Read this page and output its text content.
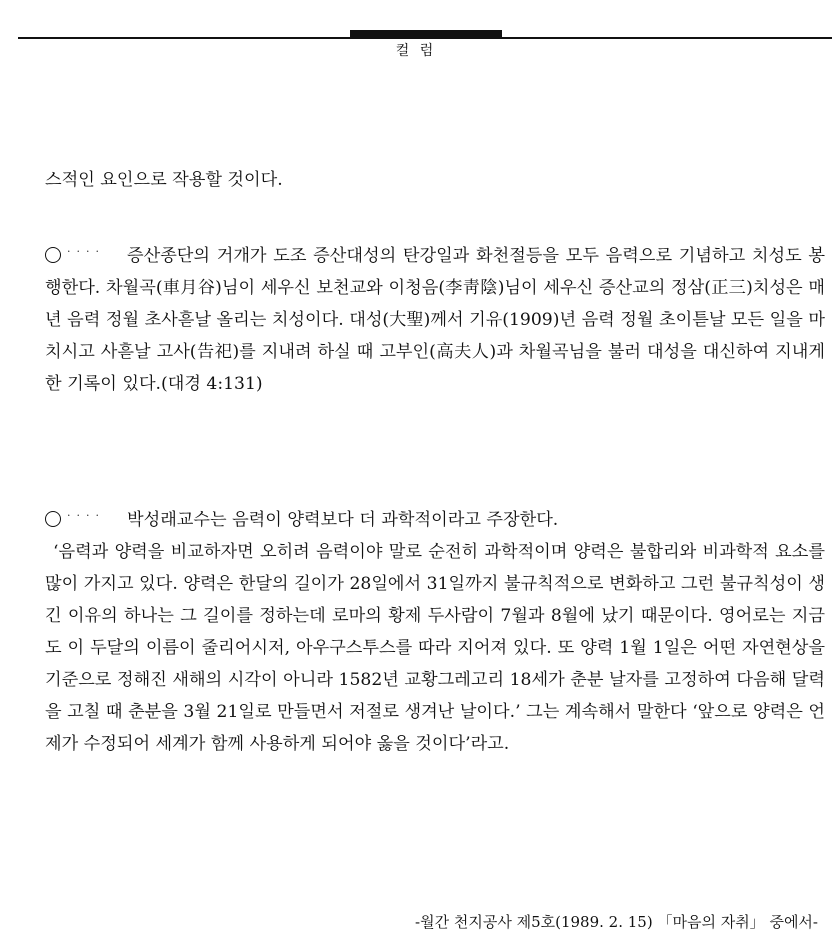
컬 럼
스적인 요인으로 작용할 것이다.
···· 증산종단의 거개가 도조 증산대성의 탄강일과 화천절등을 모두 음력으로 기념하고 치성도 봉행한다. 차월곡(車月谷)님이 세우신 보천교와 이청음(李靑陰)님이 세우신 증산교의 정삼(正三)치성은 매년 음력 정월 초사흗날 올리는 치성이다. 대성(大聖)께서 기유(1909)년 음력 정월 초이튿날 모든 일을 마치시고 사흗날 고사(告祀)를 지내려 하실 때 고부인(高夫人)과 차월곡님을 불러 대성을 대신하여 지내게 한 기록이 있다.(대경 4:131)
···· 박성래교수는 음력이 양력보다 더 과학적이라고 주장한다.
‘음력과 양력을 비교하자면 오히려 음력이야 말로 순전히 과학적이며 양력은 불합리와 비과학적 요소를 많이 가지고 있다. 양력은 한달의 길이가 28일에서 31일까지 불규칙적으로 변화하고 그런 불규칙성이 생긴 이유의 하나는 그 길이를 정하는데 로마의 황제 두사람이 7월과 8월에 났기 때문이다. 영어로는 지금도 이 두달의 이름이 줄리어시저, 아우구스투스를 따라 지어져 있다. 또 양력 1월 1일은 어떤 자연현상을 기준으로 정해진 새해의 시각이 아니라 1582년 교황그레고리 18세가 춘분 날자를 고정하여 다음해 달력을 고칠 때 춘분을 3월 21일로 만들면서 저절로 생겨난 날이다.’ 그는 계속해서 말한다 ‘앞으로 양력은 언제가 수정되어 세계가 함께 사용하게 되어야 옳을 것이다’라고.
-월간 천지공사 제5호(1989. 2. 15) 「마음의 자취」 중에서-
